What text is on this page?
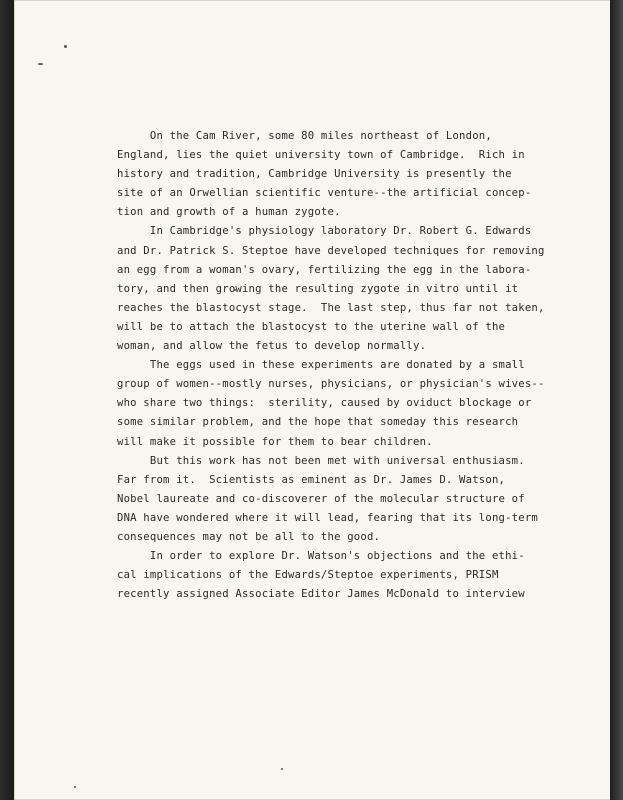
On the Cam River, some 80 miles northeast of London,
England, lies the quiet university town of Cambridge.  Rich in
history and tradition, Cambridge University is presently the
site of an Orwellian scientific venture--the artificial concep-
tion and growth of a human zygote.
In Cambridge's physiology laboratory Dr. Robert G. Edwards
and Dr. Patrick S. Steptoe have developed techniques for removing
an egg from a woman's ovary, fertilizing the egg in the labora-
tory, and then growing the resulting zygote in vitro until it
reaches the blastocyst stage.  The last step, thus far not taken,
will be to attach the blastocyst to the uterine wall of the
woman, and allow the fetus to develop normally.
The eggs used in these experiments are donated by a small
group of women--mostly nurses, physicians, or physician's wives--
who share two things:  sterility, caused by oviduct blockage or
some similar problem, and the hope that someday this research
will make it possible for them to bear children.
But this work has not been met with universal enthusiasm.
Far from it.  Scientists as eminent as Dr. James D. Watson,
Nobel laureate and co-discoverer of the molecular structure of
DNA have wondered where it will lead, fearing that its long-term
consequences may not be all to the good.
In order to explore Dr. Watson's objections and the ethi-
cal implications of the Edwards/Steptoe experiments, PRISM
recently assigned Associate Editor James McDonald to interview
